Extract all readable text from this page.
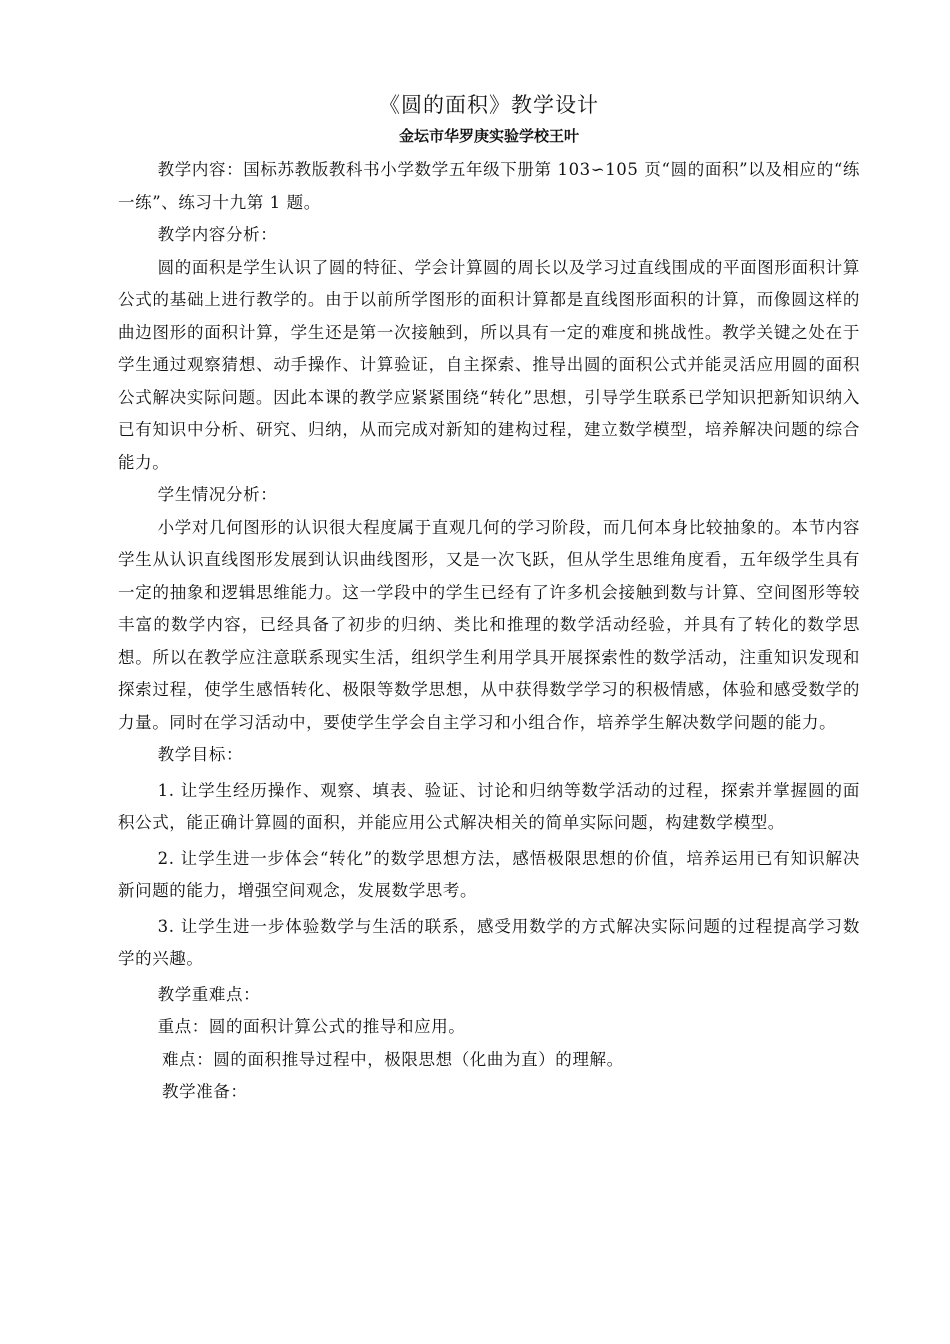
《圆的面积》教学设计
金坛市华罗庚实验学校王叶

教学内容：国标苏教版教科书小学数学五年级下册第 103∽105 页“圆的面积”以及相应的“练一练”、练习十九第 1 题。

教学内容分析：

圆的面积是学生认识了圆的特征、学会计算圆的周长以及学习过直线围成的平面图形面积计算公式的基础上进行教学的。由于以前所学图形的面积计算都是直线图形面积的计算，而像圆这样的曲边图形的面积计算，学生还是第一次接触到，所以具有一定的难度和挑战性。教学关键之处在于学生通过观察猜想、动手操作、计算验证，自主探索、推导出圆的面积公式并能灵活应用圆的面积公式解决实际问题。因此本课的教学应紧紧围绕“转化”思想，引导学生联系已学知识把新知识纳入已有知识中分析、研究、归纳，从而完成对新知的建构过程，建立数学模型，培养解决问题的综合能力。

学生情况分析：

小学对几何图形的认识很大程度属于直观几何的学习阶段，而几何本身比较抽象的。本节内容学生从认识直线图形发展到认识曲线图形，又是一次飞跃，但从学生思维角度看，五年级学生具有一定的抽象和逻辑思维能力。这一学段中的学生已经有了许多机会接触到数与计算、空间图形等较丰富的数学内容，已经具备了初步的归纳、类比和推理的数学活动经验，并具有了转化的数学思想。所以在教学应注意联系现实生活，组织学生利用学具开展探索性的数学活动，注重知识发现和探索过程，使学生感悟转化、极限等数学思想，从中获得数学学习的积极情感，体验和感受数学的力量。同时在学习活动中，要使学生学会自主学习和小组合作，培养学生解决数学问题的能力。

教学目标：

1. 让学生经历操作、观察、填表、验证、讨论和归纳等数学活动的过程，探索并掌握圆的面积公式，能正确计算圆的面积，并能应用公式解决相关的简单实际问题，构建数学模型。

2. 让学生进一步体会“转化”的数学思想方法，感悟极限思想的价值，培养运用已有知识解决新问题的能力，增强空间观念，发展数学思考。

3. 让学生进一步体验数学与生活的联系，感受用数学的方式解决实际问题的过程提高学习数学的兴趣。

教学重难点：

重点：圆的面积计算公式的推导和应用。

难点：圆的面积推导过程中，极限思想（化曲为直）的理解。

教学准备：
